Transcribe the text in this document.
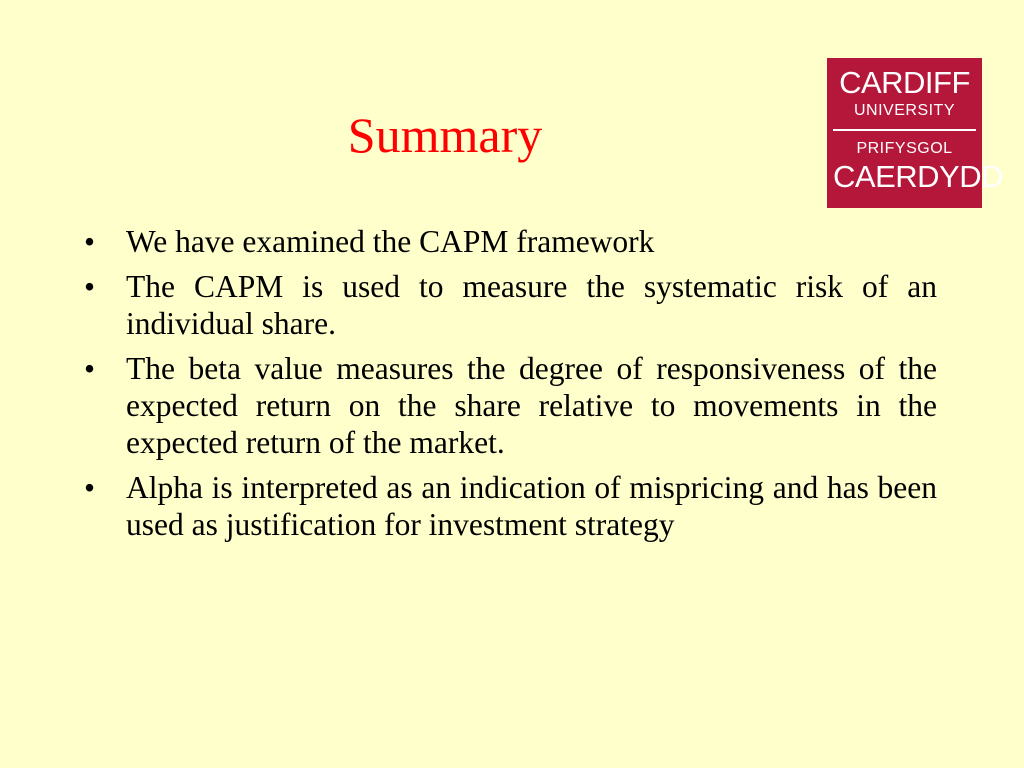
Summary
CARDIFF
UNIVERSITY
PRIFYSGOL
CAERDYDD
• We have examined the CAPM framework
• The CAPM is used to measure the systematic risk of an individual share.
• The beta value measures the degree of responsiveness of the expected return on the share relative to movements in the expected return of the market.
• Alpha is interpreted as an indication of mispricing and has been used as justification for investment strategy
